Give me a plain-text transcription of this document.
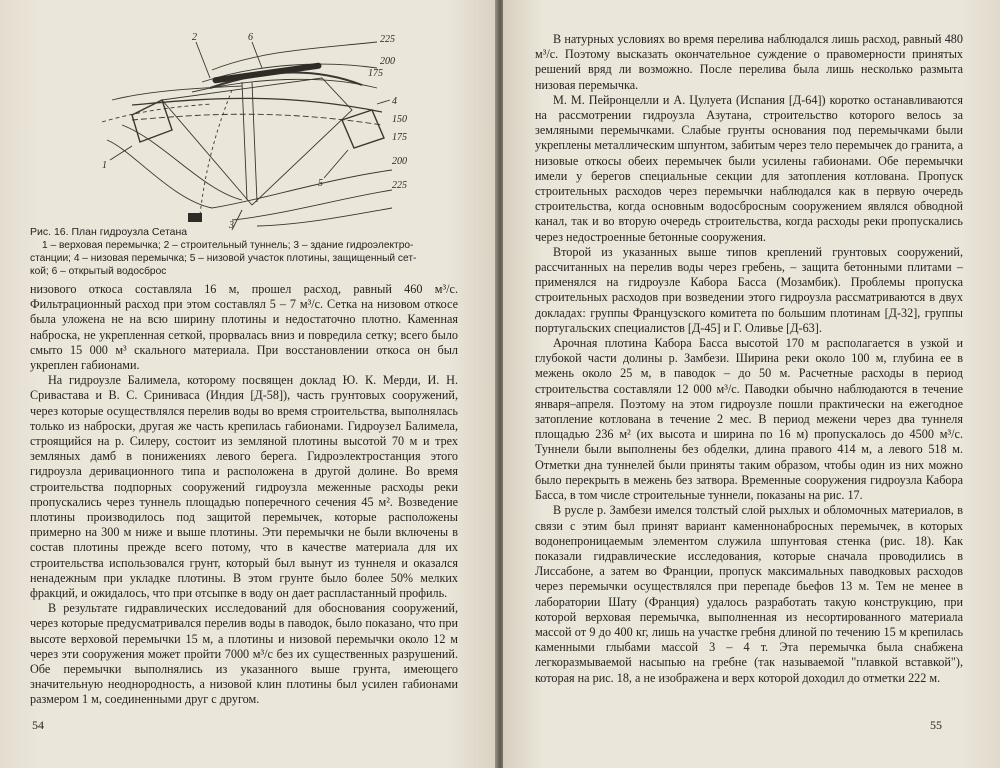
1
2
3
4
5
6	225
200
175
150
175
200
225
Рис. 16. План гидроузла Сетана
1 – верховая перемычка; 2 – строительный туннель; 3 – здание гидроэлектро-
станции; 4 – низовая перемычка; 5 – низовой участок плотины, защищенный сет-
кой; 6 – открытый водосброс

низового откоса составляла 16 м, прошел расход, равный 460 м³/с. Фильтрационный расход при этом составлял 5 – 7 м³/с. Сетка на низовом откосе была уложена не на всю ширину плотины и недостаточно плотно. Каменная наброска, не укрепленная сеткой, прорвалась вниз и повредила сетку; всего было смыто 15 000 м³ скального материала. При восстановлении откоса он был укреплен габионами.

На гидроузле Балимела, которому посвящен доклад Ю. К. Мерди, И. Н. Сривастава и В. С. Сриниваса (Индия [Д-58]), часть грунтовых сооружений, через которые осуществлялся перелив воды во время строительства, выполнялась только из наброски, другая же часть крепилась габионами. Гидроузел Балимела, строящийся на р. Силеру, состоит из земляной плотины высотой 70 м и трех земляных дамб в понижениях левого берега. Гидроэлектростанция этого гидроузла деривационного типа и расположена в другой долине. Во время строительства подпорных сооружений гидроузла меженные расходы реки пропускались через туннель площадью поперечного сечения 45 м². Возведение плотины производилось под защитой перемычек, которые расположены примерно на 300 м ниже и выше плотины. Эти перемычки не были включены в состав плотины прежде всего потому, что в качестве материала для их строительства использовался грунт, который был вынут из туннеля и оказался ненадежным при укладке плотины. В этом грунте было более 50% мелких фракций, и ожидалось, что при отсыпке в воду он дает распластанный профиль.

В результате гидравлических исследований для обоснования сооружений, через которые предусматривался перелив воды в паводок, было показано, что при высоте верховой перемычки 15 м, а плотины и низовой перемычки около 12 м через эти сооружения может пройти 7000 м³/с без их существенных разрушений. Обе перемычки выполнялись из указанного выше грунта, имеющего значительную неоднородность, а низовой клин плотины был усилен габионами размером 1 м, соединенными друг с другом.

54

В натурных условиях во время перелива наблюдался лишь расход, равный 480 м³/с. Поэтому высказать окончательное суждение о правомерности принятых решений вряд ли возможно. После перелива была лишь несколько размыта низовая перемычка.

М. М. Пейронцелли и А. Цулуета (Испания [Д-64]) коротко останавливаются на рассмотрении гидроузла Азутана, строительство которого велось за земляными перемычками. Слабые грунты основания под перемычками были укреплены металлическим шпунтом, забитым через тело перемычек до гранита, а низовые откосы обеих перемычек были усилены габионами. Обе перемычки имели у берегов специальные секции для затопления котлована. Пропуск строительных расходов через перемычки наблюдался как в первую очередь строительства, когда основным водосбросным сооружением являлся обводной канал, так и во вторую очередь строительства, когда расходы реки пропускались через недостроенные бетонные сооружения.

Второй из указанных выше типов креплений грунтовых сооружений, рассчитанных на перелив воды через гребень, – защита бетонными плитами – применялся на гидроузле Кабора Басса (Мозамбик). Проблемы пропуска строительных расходов при возведении этого гидроузла рассматриваются в двух докладах: группы Французского комитета по большим плотинам [Д-32], группы португальских специалистов [Д-45] и Г. Оливье [Д-63].

Арочная плотина Кабора Басса высотой 170 м располагается в узкой и глубокой части долины р. Замбези. Ширина реки около 100 м, глубина ее в межень около 25 м, в паводок – до 50 м. Расчетные расходы в период строительства составляли 12 000 м³/с. Паводки обычно наблюдаются в течение января–апреля. Поэтому на этом гидроузле пошли практически на ежегодное затопление котлована в течение 2 мес. В период межени через два туннеля площадью 236 м² (их высота и ширина по 16 м) пропускалось до 4500 м³/с. Туннели были выполнены без обделки, длина правого 414 м, а левого 518 м. Отметки дна туннелей были приняты таким образом, чтобы один из них можно было перекрыть в межень без затвора. Временные сооружения гидроузла Кабора Басса, в том числе строительные туннели, показаны на рис. 17.

В русле р. Замбези имелся толстый слой рыхлых и обломочных материалов, в связи с этим был принят вариант каменнонабросных перемычек, в которых водонепроницаемым элементом служила шпунтовая стенка (рис. 18). Как показали гидравлические исследования, которые сначала проводились в Лиссабоне, а затем во Франции, пропуск максимальных паводковых расходов через перемычки осуществлялся при перепаде бьефов 13 м. Тем не менее в лаборатории Шату (Франция) удалось разработать такую конструкцию, при которой верховая перемычка, выполненная из несортированного материала массой от 9 до 400 кг, лишь на участке гребня длиной по течению 15 м крепилась каменными глыбами массой 3 – 4 т. Эта перемычка была снабжена легкоразмываемой насыпью на гребне (так называемой "плавкой вставкой"), которая на рис. 18, а не изображена и верх которой доходил до отметки 222 м.

55
